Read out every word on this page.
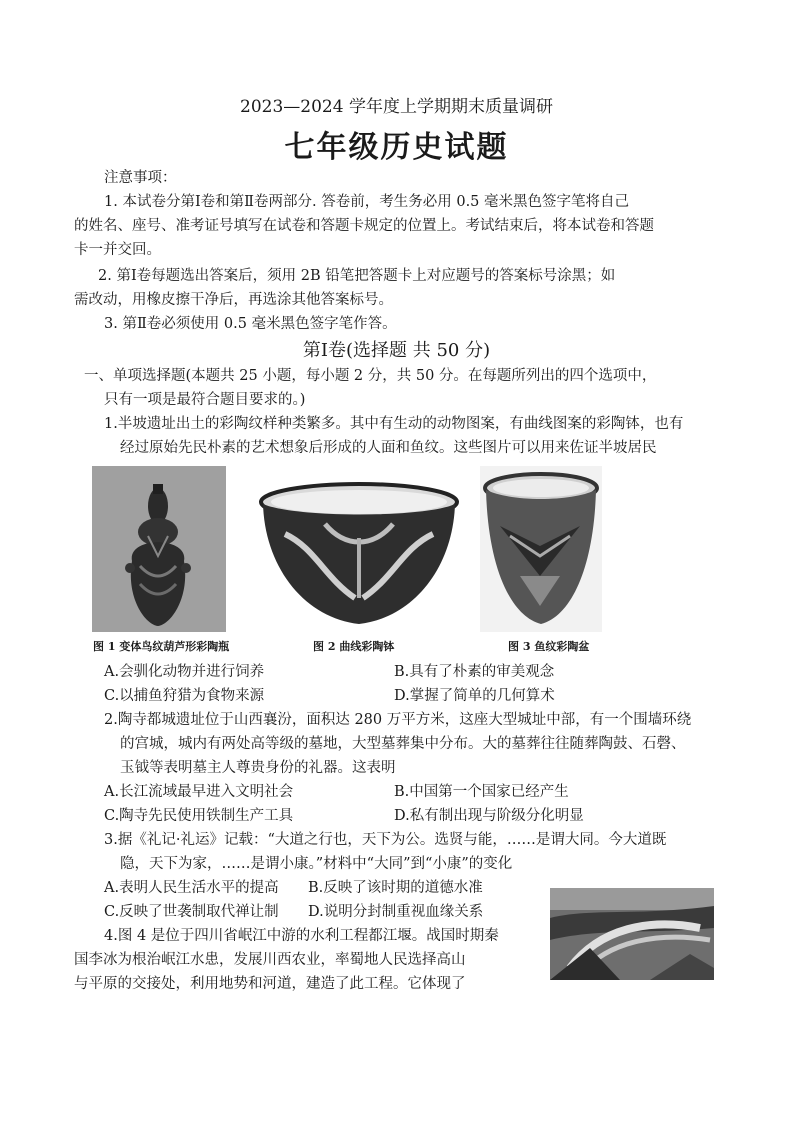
2023—2024 学年度上学期期末质量调研
七年级历史试题
注意事项：
1. 本试卷分第Ⅰ卷和第Ⅱ卷两部分. 答卷前，考生务必用 0.5 毫米黑色签字笔将自己
的姓名、座号、准考证号填写在试卷和答题卡规定的位置上。考试结束后，将本试卷和答题
卡一并交回。
2. 第Ⅰ卷每题选出答案后，须用 2B 铅笔把答题卡上对应题号的答案标号涂黑；如
需改动，用橡皮擦干净后，再选涂其他答案标号。
3. 第Ⅱ卷必须使用 0.5 毫米黑色签字笔作答。
第Ⅰ卷(选择题 共 50 分)
一、单项选择题(本题共 25 小题，每小题 2 分，共 50 分。在每题所列出的四个选项中，
只有一项是最符合题目要求的。)
1.半坡遗址出土的彩陶纹样种类繁多。其中有生动的动物图案，有曲线图案的彩陶钵，也有
经过原始先民朴素的艺术想象后形成的人面和鱼纹。这些图片可以用来佐证半坡居民
图 1 变体鸟纹葫芦形彩陶瓶	图 2 曲线彩陶钵	图 3 鱼纹彩陶盆
A.会驯化动物并进行饲养	B.具有了朴素的审美观念
C.以捕鱼狩猎为食物来源	D.掌握了简单的几何算术
2.陶寺都城遗址位于山西襄汾，面积达 280 万平方米，这座大型城址中部，有一个围墙环绕
的宫城，城内有两处高等级的墓地，大型墓葬集中分布。大的墓葬往往随葬陶鼓、石磬、
玉钺等表明墓主人尊贵身份的礼器。这表明
A.长江流域最早进入文明社会	B.中国第一个国家已经产生
C.陶寺先民使用铁制生产工具	D.私有制出现与阶级分化明显
3.据《礼记·礼运》记载：“大道之行也，天下为公。选贤与能，……是谓大同。今大道既
隐，天下为家，……是谓小康。”材料中“大同”到“小康”的变化
A.表明人民生活水平的提高 B.反映了该时期的道德水准
C.反映了世袭制取代禅让制 D.说明分封制重视血缘关系
4.图 4 是位于四川省岷江中游的水利工程都江堰。战国时期秦
国李冰为根治岷江水患，发展川西农业，率蜀地人民选择高山
与平原的交接处，利用地势和河道，建造了此工程。它体现了
